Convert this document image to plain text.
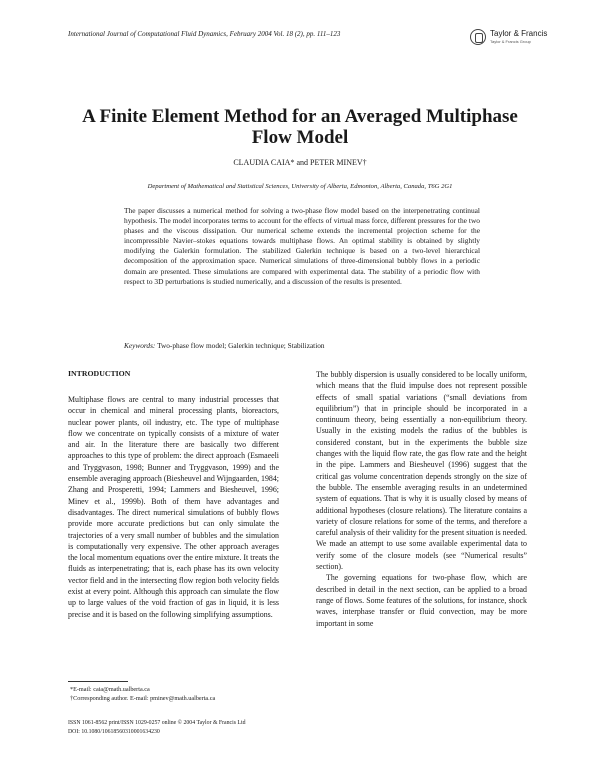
International Journal of Computational Fluid Dynamics, February 2004 Vol. 18 (2), pp. 111–123	Taylor & Francis
Taylor & Francis Group
A Finite Element Method for an Averaged Multiphase
Flow Model
CLAUDIA CAIA* and PETER MINEV†
Department of Mathematical and Statistical Sciences, University of Alberta, Edmonton, Alberta, Canada, T6G 2G1

The paper discusses a numerical method for solving a two-phase flow model based on the interpenetrating continual hypothesis. The model incorporates terms to account for the effects of virtual mass force, different pressures for the two phases and the viscous dissipation. Our numerical scheme extends the incremental projection scheme for the incompressible Navier–stokes equations towards multiphase flows. An optimal stability is obtained by slightly modifying the Galerkin formulation. The stabilized Galerkin technique is based on a two-level hierarchical decomposition of the approximation space. Numerical simulations of three-dimensional bubbly flows in a periodic domain are presented. These simulations are compared with experimental data. The stability of a periodic flow with respect to 3D perturbations is studied numerically, and a discussion of the results is presented.

Keywords: Two-phase flow model; Galerkin technique; Stabilization

INTRODUCTION

Multiphase flows are central to many industrial processes that occur in chemical and mineral processing plants, bioreactors, nuclear power plants, oil industry, etc. The type of multiphase flow we concentrate on typically consists of a mixture of water and air. In the literature there are basically two different approaches to this type of problem: the direct approach (Esmaeeli and Tryggvason, 1998; Bunner and Tryggvason, 1999) and the ensemble averaging approach (Biesheuvel and Wijngaarden, 1984; Zhang and Prosperetti, 1994; Lammers and Biesheuvel, 1996; Minev et al., 1999b). Both of them have advantages and disadvantages. The direct numerical simulations of bubbly flows provide more accurate predictions but can only simulate the trajectories of a very small number of bubbles and the simulation is computationally very expensive. The other approach averages the local momentum equations over the entire mixture. It treats the fluids as interpenetrating; that is, each phase has its own velocity vector field and in the intersecting flow region both velocity fields exist at every point. Although this approach can simulate the flow up to large values of the void fraction of gas in liquid, it is less precise and it is based on the following simplifying assumptions.

The bubbly dispersion is usually considered to be locally uniform, which means that the fluid impulse does not represent possible effects of small spatial variations (“small deviations from equilibrium”) that in principle should be incorporated in a continuum theory, being essentially a non-equilibrium theory. Usually in the existing models the radius of the bubbles is considered constant, but in the experiments the bubble size changes with the liquid flow rate, the gas flow rate and the height in the pipe. Lammers and Biesheuvel (1996) suggest that the critical gas volume concentration depends strongly on the size of the bubble. The ensemble averaging results in an undetermined system of equations. That is why it is usually closed by means of additional hypotheses (closure relations). The literature contains a variety of closure relations for some of the terms, and therefore a careful analysis of their validity for the present situation is needed. We made an attempt to use some available experimental data to verify some of the closure models (see “Numerical results” section).

The governing equations for two-phase flow, which are described in detail in the next section, can be applied to a broad range of flows. Some features of the solutions, for instance, shock waves, interphase transfer or fluid convection, may be more important in some

*E-mail: caia@math.ualberta.ca
†Corresponding author. E-mail: pminev@math.ualberta.ca
ISSN 1061-8562 print/ISSN 1029-0257 online © 2004 Taylor & Francis Ltd
DOI: 10.1080/10618560310001634230
